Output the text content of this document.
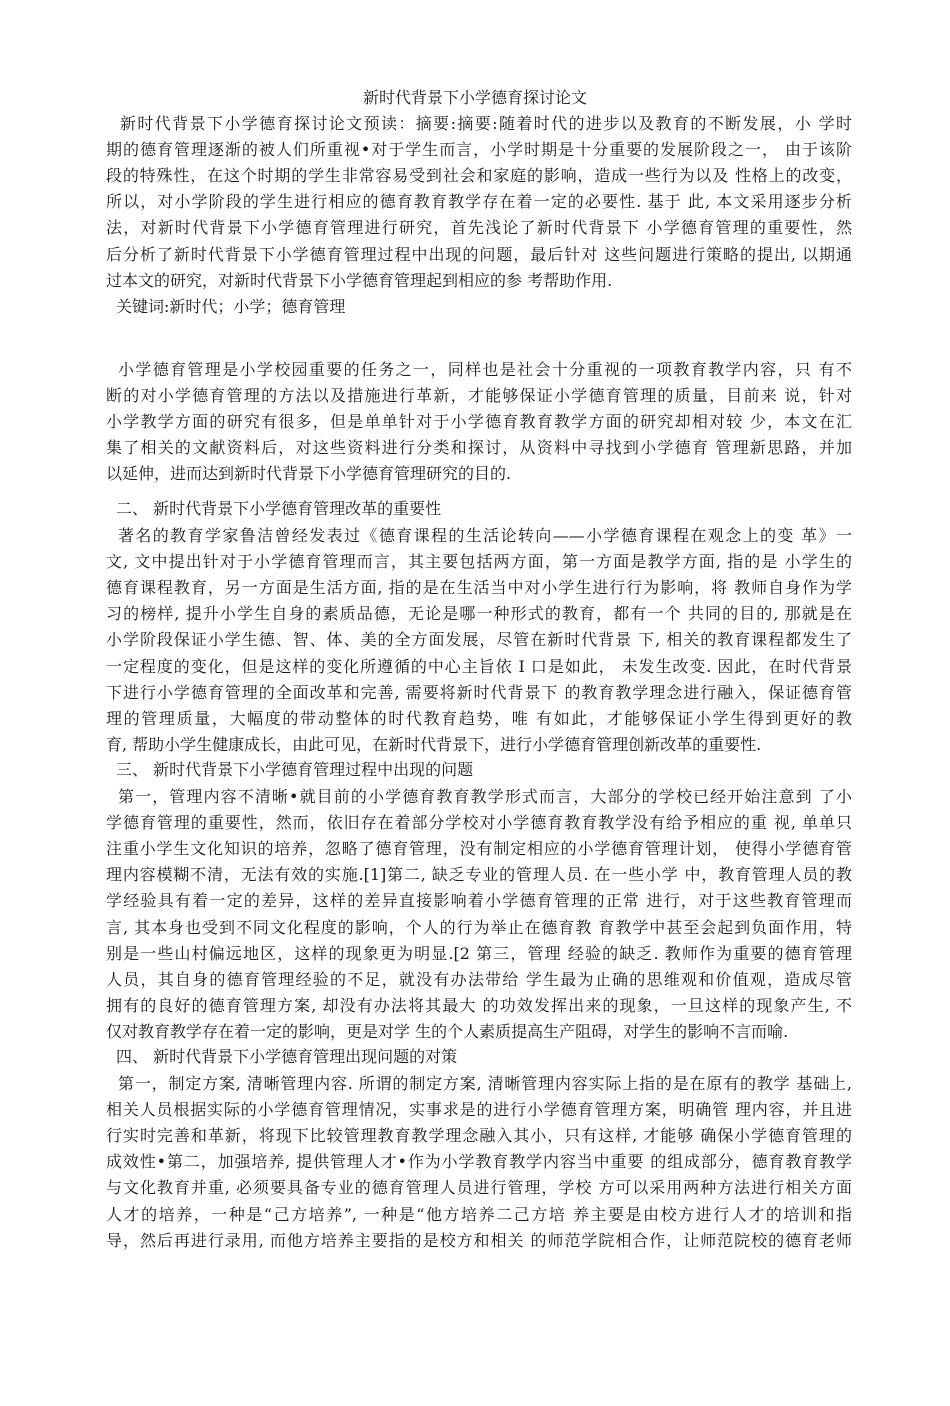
新时代背景下小学德育探讨论文
新时代背景下小学德育探讨论文预读：摘要:摘要:随着时代的进步以及教育的不断发展，小 学时
期的德育管理逐渐的被人们所重视•对于学生而言，小学时期是十分重要的发展阶段之一， 由于该阶
段的特殊性，在这个时期的学生非常容易受到社会和家庭的影响，造成一些行为以及 性格上的改变，
所以，对小学阶段的学生进行相应的德育教育教学存在着一定的必要性. 基于 此, 本文采用逐步分析
法，对新时代背景下小学德育管理进行研究，首先浅论了新时代背景下 小学德育管理的重要性，然
后分析了新时代背景下小学德育管理过程中出现的问题，最后针对 这些问题进行策略的提出, 以期通
过本文的研究，对新时代背景下小学德育管理起到相应的参 考帮助作用.
关键词:新时代；小学；德育管理
小学德育管理是小学校园重要的任务之一，同样也是社会十分重视的一项教育教学内容，只 有不
断的对小学德育管理的方法以及措施进行革新，才能够保证小学德育管理的质量，目前来 说，针对
小学教学方面的研究有很多，但是单单针对于小学德育教育教学方面的研究却相对较 少，本文在汇
集了相关的文献资料后，对这些资料进行分类和探讨，从资料中寻找到小学德育 管理新思路，并加
以延伸，进而达到新时代背景下小学德育管理研究的目的.
二、 新时代背景下小学德育管理改革的重要性
著名的教育学家鲁洁曾经发表过《德育课程的生活论转向——小学德育课程在观念上的变 革》一
文, 文中提出针对于小学德育管理而言，其主要包括两方面，第一方面是教学方面, 指的是 小学生的
德育课程教育，另一方面是生活方面, 指的是在生活当中对小学生进行行为影响，将 教师自身作为学
习的榜样, 提升小学生自身的素质品德，无论是哪一种形式的教育，都有一个 共同的目的, 那就是在
小学阶段保证小学生德、智、体、美的全方面发展，尽管在新时代背景 下, 相关的教育课程都发生了
一定程度的变化，但是这样的变化所遵循的中心主旨依 I 口是如此， 未发生改变. 因此，在时代背景
下进行小学德育管理的全面改革和完善, 需要将新时代背景下 的教育教学理念进行融入，保证德育管
理的管理质量，大幅度的带动整体的时代教育趋势，唯 有如此，才能够保证小学生得到更好的教
育, 帮助小学生健康成长，由此可见，在新时代背景下，进行小学德育管理创新改革的重要性.
三、 新时代背景下小学德育管理过程中出现的问题
第一，管理内容不清晰•就目前的小学德育教育教学形式而言，大部分的学校已经开始注意到 了小
学德育管理的重要性，然而，依旧存在着部分学校对小学德育教育教学没有给予相应的重 视, 单单只
注重小学生文化知识的培养，忽略了德育管理，没有制定相应的小学德育管理计划， 使得小学德育管
理内容模糊不清，无法有效的实施.[1]第二, 缺乏专业的管理人员. 在一些小学 中，教育管理人员的教
学经验具有着一定的差异，这样的差异直接影响着小学德育管理的正常 进行，对于这些教育管理而
言, 其本身也受到不同文化程度的影响，个人的行为举止在德育教 育教学中甚至会起到负面作用，特
别是一些山村偏远地区，这样的现象更为明显.[2 第三，管理 经验的缺乏. 教师作为重要的德育管理
人员，其自身的德育管理经验的不足，就没有办法带给 学生最为止确的思维观和价值观，造成尽管
拥有的良好的德育管理方案, 却没有办法将其最大 的功效发挥出来的现象，一旦这样的现象产生, 不
仅对教育教学存在着一定的影响，更是对学 生的个人素质提高生产阻碍，对学生的影响不言而喻.
四、 新时代背景下小学德育管理出现问题的对策
第一，制定方案, 清晰管理内容. 所谓的制定方案, 清晰管理内容实际上指的是在原有的教学 基础上,
相关人员根据实际的小学德育管理情况，实事求是的进行小学德育管理方案，明确管 理内容，并且进
行实时完善和革新，将现下比较管理教育教学理念融入其小，只有这样, 才能够 确保小学德育管理的
成效性•第二，加强培养, 提供管理人才•作为小学教育教学内容当中重要 的组成部分，德育教育教学
与文化教育并重, 必须要具备专业的德育管理人员进行管理，学校 方可以采用两种方法进行相关方面
人才的培养，一种是“己方培养”, 一种是“他方培养二己方培 养主要是由校方进行人才的培训和指
导，然后再进行录用, 而他方培养主要指的是校方和相关 的师范学院相合作，让师范院校的德育老师
